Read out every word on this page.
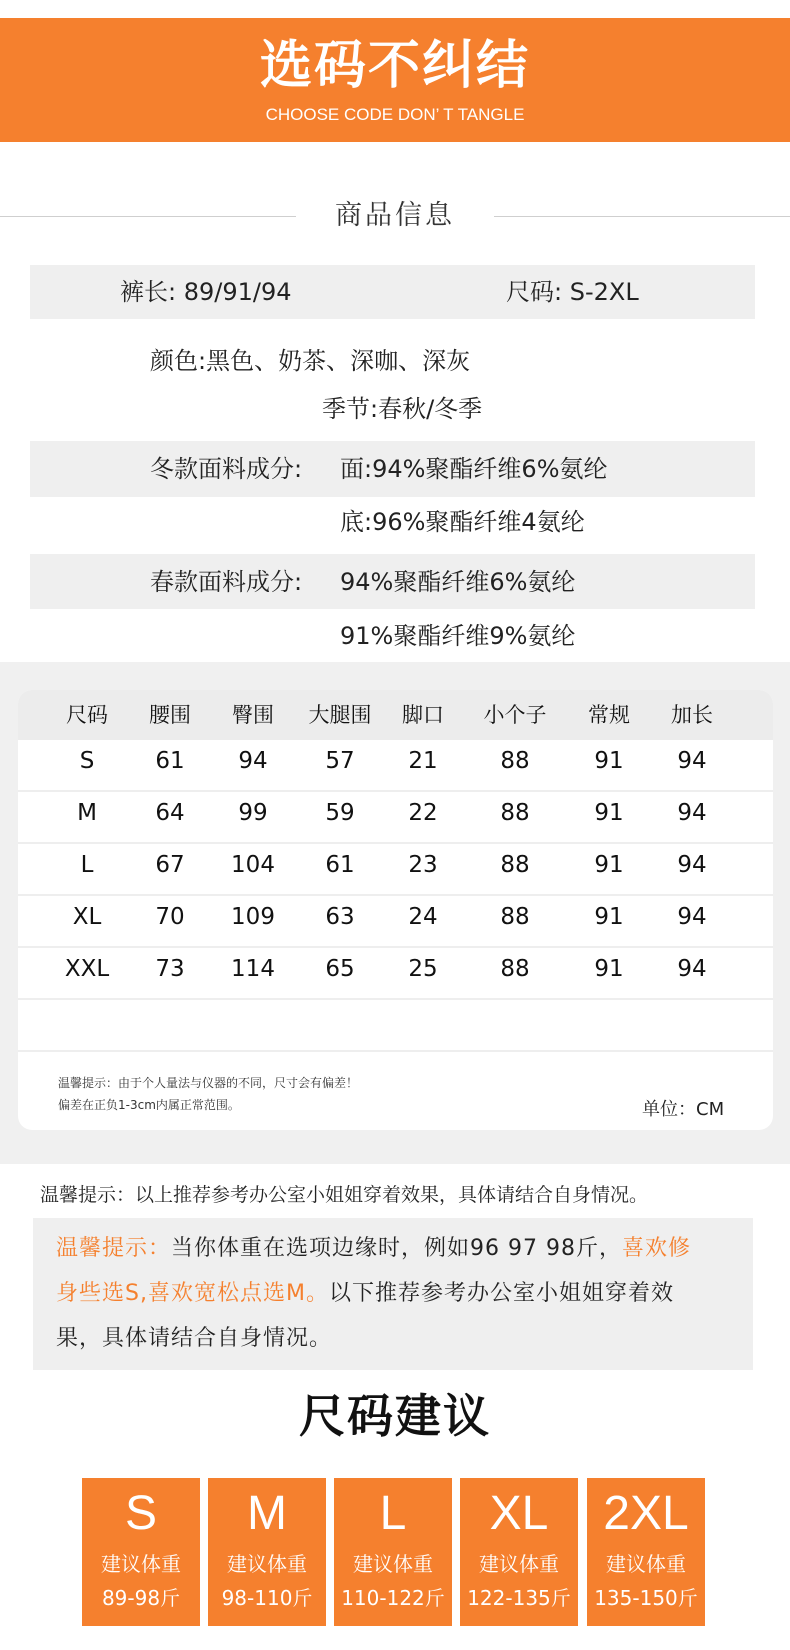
选码不纠结
CHOOSE CODE DON’ T TANGLE
商品信息
裤长: 89/91/94	尺码: S-2XL
颜色:黑色、奶茶、深咖、深灰
季节:春秋/冬季
冬款面料成分: 面:94%聚酯纤维6%氨纶
底:96%聚酯纤维4氨纶
春款面料成分: 94%聚酯纤维6%氨纶
91%聚酯纤维9%氨纶
尺码	腰围	臀围	大腿围	脚口	小个子	常规	加长
S	61	94	57	21	88	91	94
M	64	99	59	22	88	91	94
L	67	104	61	23	88	91	94
XL	70	109	63	24	88	91	94
XXL	73	114	65	25	88	91	94
温馨提示：由于个人量法与仪器的不同，尺寸会有偏差！
偏差在正负1-3cm内属正常范围。	单位：CM
温馨提示：以上推荐参考办公室小姐姐穿着效果，具体请结合自身情况。
温馨提示：当你体重在选项边缘时，例如96 97 98斤，喜欢修
身些选S,喜欢宽松点选M。以下推荐参考办公室小姐姐穿着效
果，具体请结合自身情况。
尺码建议
S
建议体重
89-98斤
M
建议体重
98-110斤
L
建议体重
110-122斤
XL
建议体重
122-135斤
2XL
建议体重
135-150斤
